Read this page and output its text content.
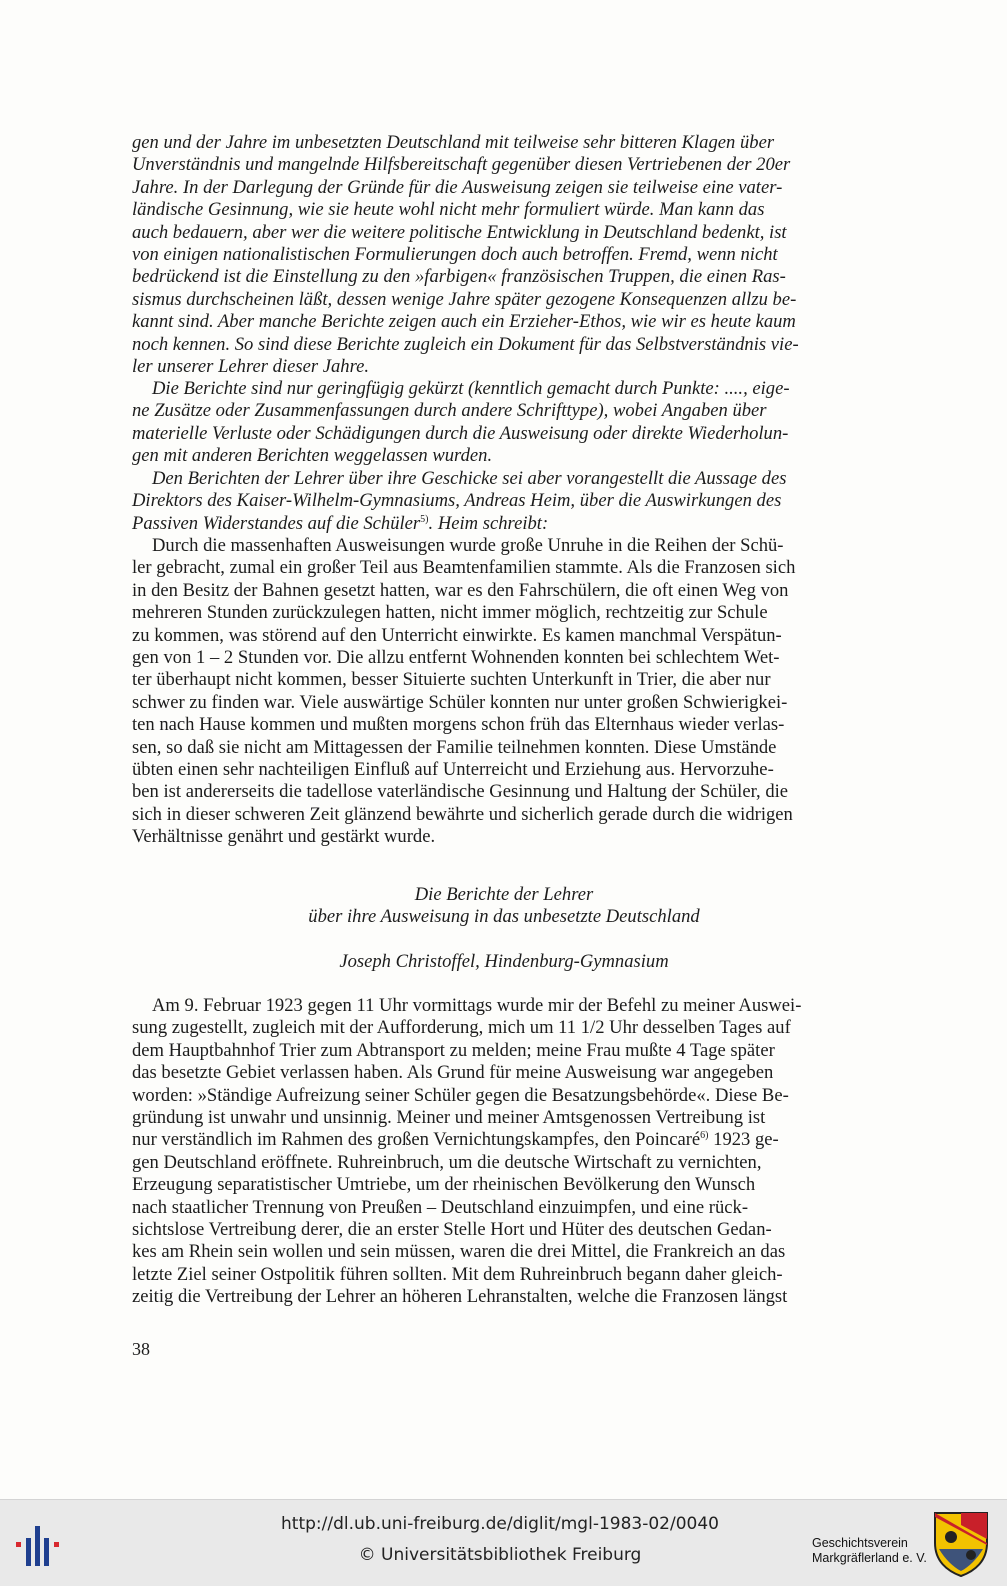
gen und der Jahre im unbesetzten Deutschland mit teilweise sehr bitteren Klagen über
Unverständnis und mangelnde Hilfsbereitschaft gegenüber diesen Vertriebenen der 20er
Jahre. In der Darlegung der Gründe für die Ausweisung zeigen sie teilweise eine vater-
ländische Gesinnung, wie sie heute wohl nicht mehr formuliert würde. Man kann das
auch bedauern, aber wer die weitere politische Entwicklung in Deutschland bedenkt, ist
von einigen nationalistischen Formulierungen doch auch betroffen. Fremd, wenn nicht
bedrückend ist die Einstellung zu den »farbigen« französischen Truppen, die einen Ras-
sismus durchscheinen läßt, dessen wenige Jahre später gezogene Konsequenzen allzu be-
kannt sind. Aber manche Berichte zeigen auch ein Erzieher-Ethos, wie wir es heute kaum
noch kennen. So sind diese Berichte zugleich ein Dokument für das Selbstverständnis vie-
ler unserer Lehrer dieser Jahre.
Die Berichte sind nur geringfügig gekürzt (kenntlich gemacht durch Punkte: ...., eige-
ne Zusätze oder Zusammenfassungen durch andere Schrifttype), wobei Angaben über
materielle Verluste oder Schädigungen durch die Ausweisung oder direkte Wiederholun-
gen mit anderen Berichten weggelassen wurden.
Den Berichten der Lehrer über ihre Geschicke sei aber vorangestellt die Aussage des
Direktors des Kaiser-Wilhelm-Gymnasiums, Andreas Heim, über die Auswirkungen des
Passiven Widerstandes auf die Schüler$^{5)}$. Heim schreibt:
Durch die massenhaften Ausweisungen wurde große Unruhe in die Reihen der Schü-
ler gebracht, zumal ein großer Teil aus Beamtenfamilien stammte. Als die Franzosen sich
in den Besitz der Bahnen gesetzt hatten, war es den Fahrschülern, die oft einen Weg von
mehreren Stunden zurückzulegen hatten, nicht immer möglich, rechtzeitig zur Schule
zu kommen, was störend auf den Unterricht einwirkte. Es kamen manchmal Verspätun-
gen von 1 – 2 Stunden vor. Die allzu entfernt Wohnenden konnten bei schlechtem Wet-
ter überhaupt nicht kommen, besser Situierte suchten Unterkunft in Trier, die aber nur
schwer zu finden war. Viele auswärtige Schüler konnten nur unter großen Schwierigkei-
ten nach Hause kommen und mußten morgens schon früh das Elternhaus wieder verlas-
sen, so daß sie nicht am Mittagessen der Familie teilnehmen konnten. Diese Umstände
übten einen sehr nachteiligen Einfluß auf Unterreicht und Erziehung aus. Hervorzuhe-
ben ist andererseits die tadellose vaterländische Gesinnung und Haltung der Schüler, die
sich in dieser schweren Zeit glänzend bewährte und sicherlich gerade durch die widrigen
Verhältnisse genährt und gestärkt wurde.
Die Berichte der Lehrer
über ihre Ausweisung in das unbesetzte Deutschland
Joseph Christoffel, Hindenburg-Gymnasium
Am 9. Februar 1923 gegen 11 Uhr vormittags wurde mir der Befehl zu meiner Auswei-
sung zugestellt, zugleich mit der Aufforderung, mich um 11 1/2 Uhr desselben Tages auf
dem Hauptbahnhof Trier zum Abtransport zu melden; meine Frau mußte 4 Tage später
das besetzte Gebiet verlassen haben. Als Grund für meine Ausweisung war angegeben
worden: »Ständige Aufreizung seiner Schüler gegen die Besatzungsbehörde«. Diese Be-
gründung ist unwahr und unsinnig. Meiner und meiner Amtsgenossen Vertreibung ist
nur verständlich im Rahmen des großen Vernichtungskampfes, den Poincaré$^{6)}$ 1923 ge-
gen Deutschland eröffnete. Ruhreinbruch, um die deutsche Wirtschaft zu vernichten,
Erzeugung separatistischer Umtriebe, um der rheinischen Bevölkerung den Wunsch
nach staatlicher Trennung von Preußen – Deutschland einzuimpfen, und eine rück-
sichtslose Vertreibung derer, die an erster Stelle Hort und Hüter des deutschen Gedan-
kes am Rhein sein wollen und sein müssen, waren die drei Mittel, die Frankreich an das
letzte Ziel seiner Ostpolitik führen sollten. Mit dem Ruhreinbruch begann daher gleich-
zeitig die Vertreibung der Lehrer an höheren Lehranstalten, welche die Franzosen längst
38
http://dl.ub.uni-freiburg.de/diglit/mgl-1983-02/0040
© Universitätsbibliothek Freiburg
Geschichtsverein
Markgräflerland e. V.
